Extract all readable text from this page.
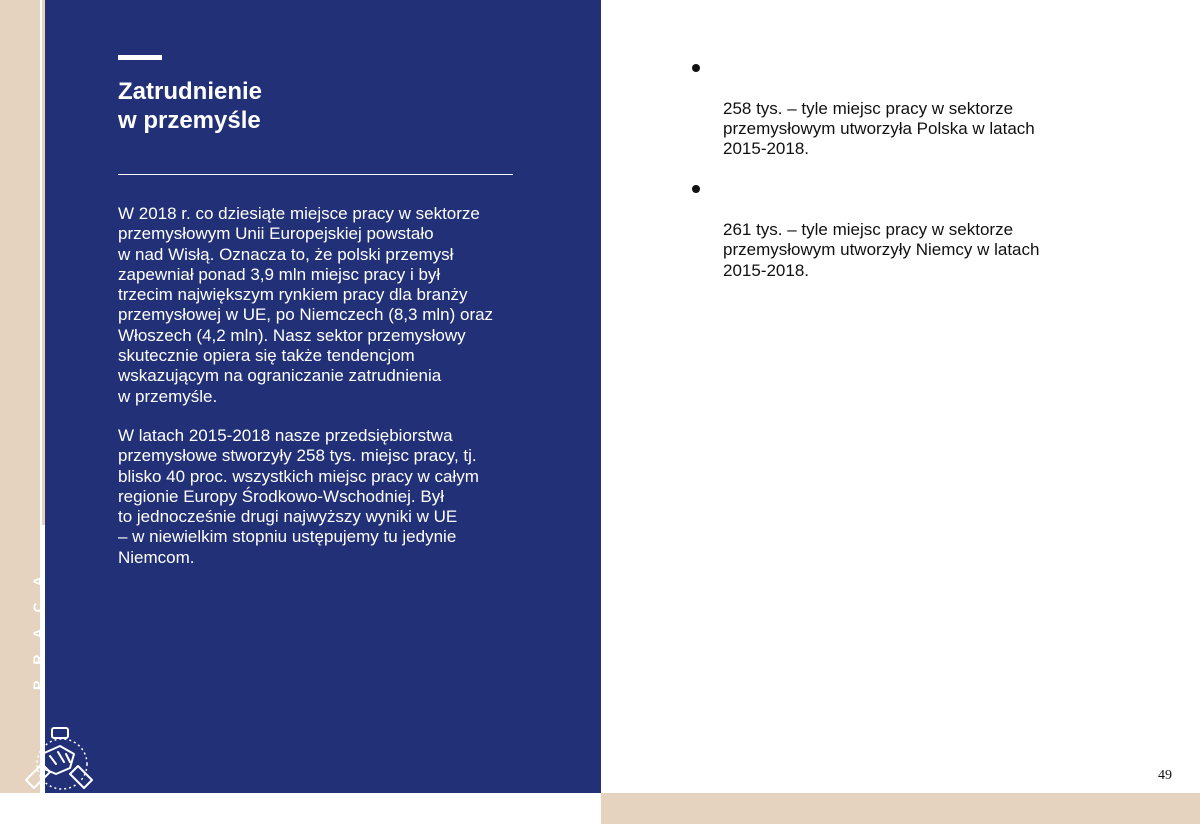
Zatrudnienie
w przemyśle

W 2018 r. co dziesiąte miejsce pracy w sektorze
przemysłowym Unii Europejskiej powstało
w nad Wisłą. Oznacza to, że polski przemysł
zapewniał ponad 3,9 mln miejsc pracy i był
trzecim największym rynkiem pracy dla branży
przemysłowej w UE, po Niemczech (8,3 mln) oraz
Włoszech (4,2 mln). Nasz sektor przemysłowy
skutecznie opiera się także tendencjom
wskazującym na ograniczanie zatrudnienia
w przemyśle.

W latach 2015-2018 nasze przedsiębiorstwa
przemysłowe stworzyły 258 tys. miejsc pracy, tj.
blisko 40 proc. wszystkich miejsc pracy w całym
regionie Europy Środkowo-Wschodniej. Był
to jednocześnie drugi najwyższy wyniki w UE
– w niewielkim stopniu ustępujemy tu jedynie
Niemcom.

PRACA

258 tys. – tyle miejsc pracy w sektorze
przemysłowym utworzyła Polska w latach
2015-2018.

261 tys. – tyle miejsc pracy w sektorze
przemysłowym utworzyły Niemcy w latach
2015-2018.

49
